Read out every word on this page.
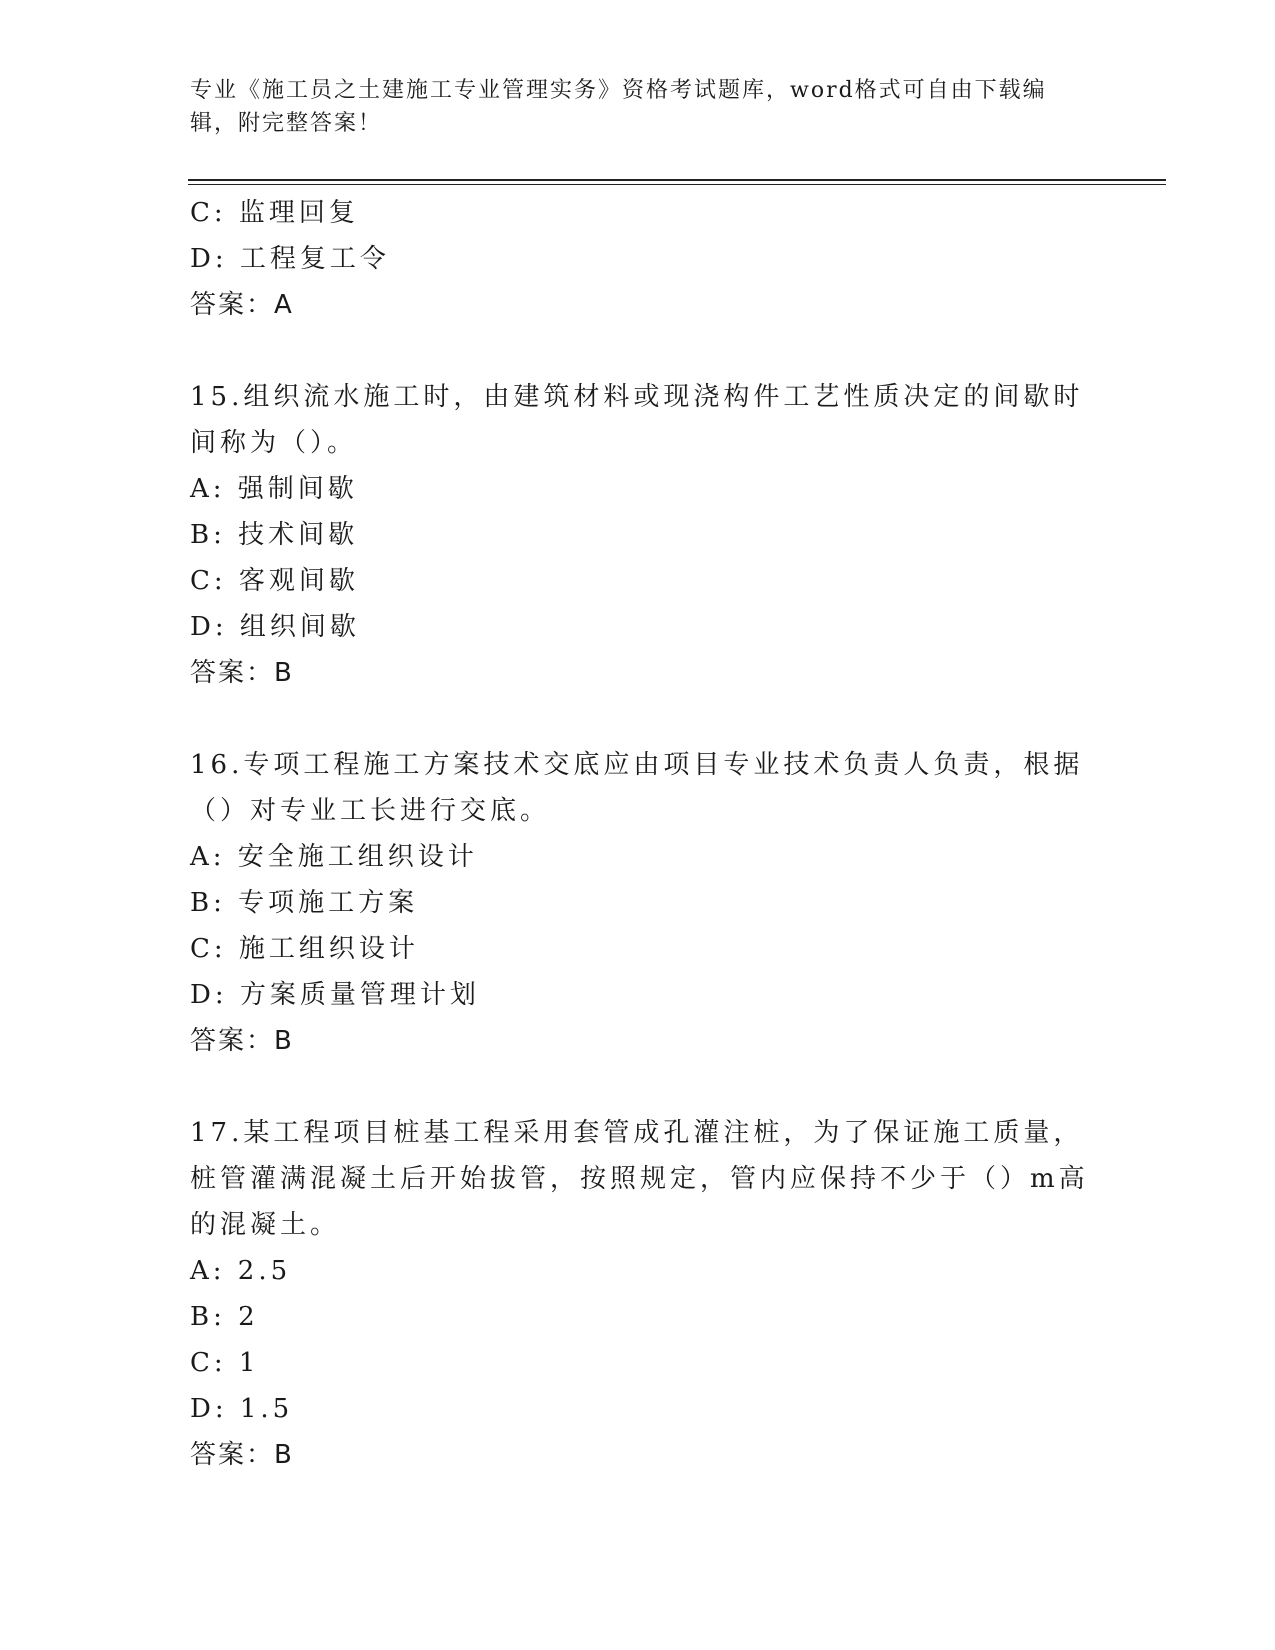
专业《施工员之土建施工专业管理实务》资格考试题库，word格式可自由下载编辑，附完整答案！
C: 监理回复
D: 工程复工令
答案：A
15.组织流水施工时，由建筑材料或现浇构件工艺性质决定的间歇时间称为（）。
A: 强制间歇
B: 技术间歇
C: 客观间歇
D: 组织间歇
答案：B
16.专项工程施工方案技术交底应由项目专业技术负责人负责，根据（）对专业工长进行交底。
A: 安全施工组织设计
B: 专项施工方案
C: 施工组织设计
D: 方案质量管理计划
答案：B
17.某工程项目桩基工程采用套管成孔灌注桩，为了保证施工质量，桩管灌满混凝土后开始拔管，按照规定，管内应保持不少于（）m高的混凝土。
A: 2.5
B: 2
C: 1
D: 1.5
答案：B
